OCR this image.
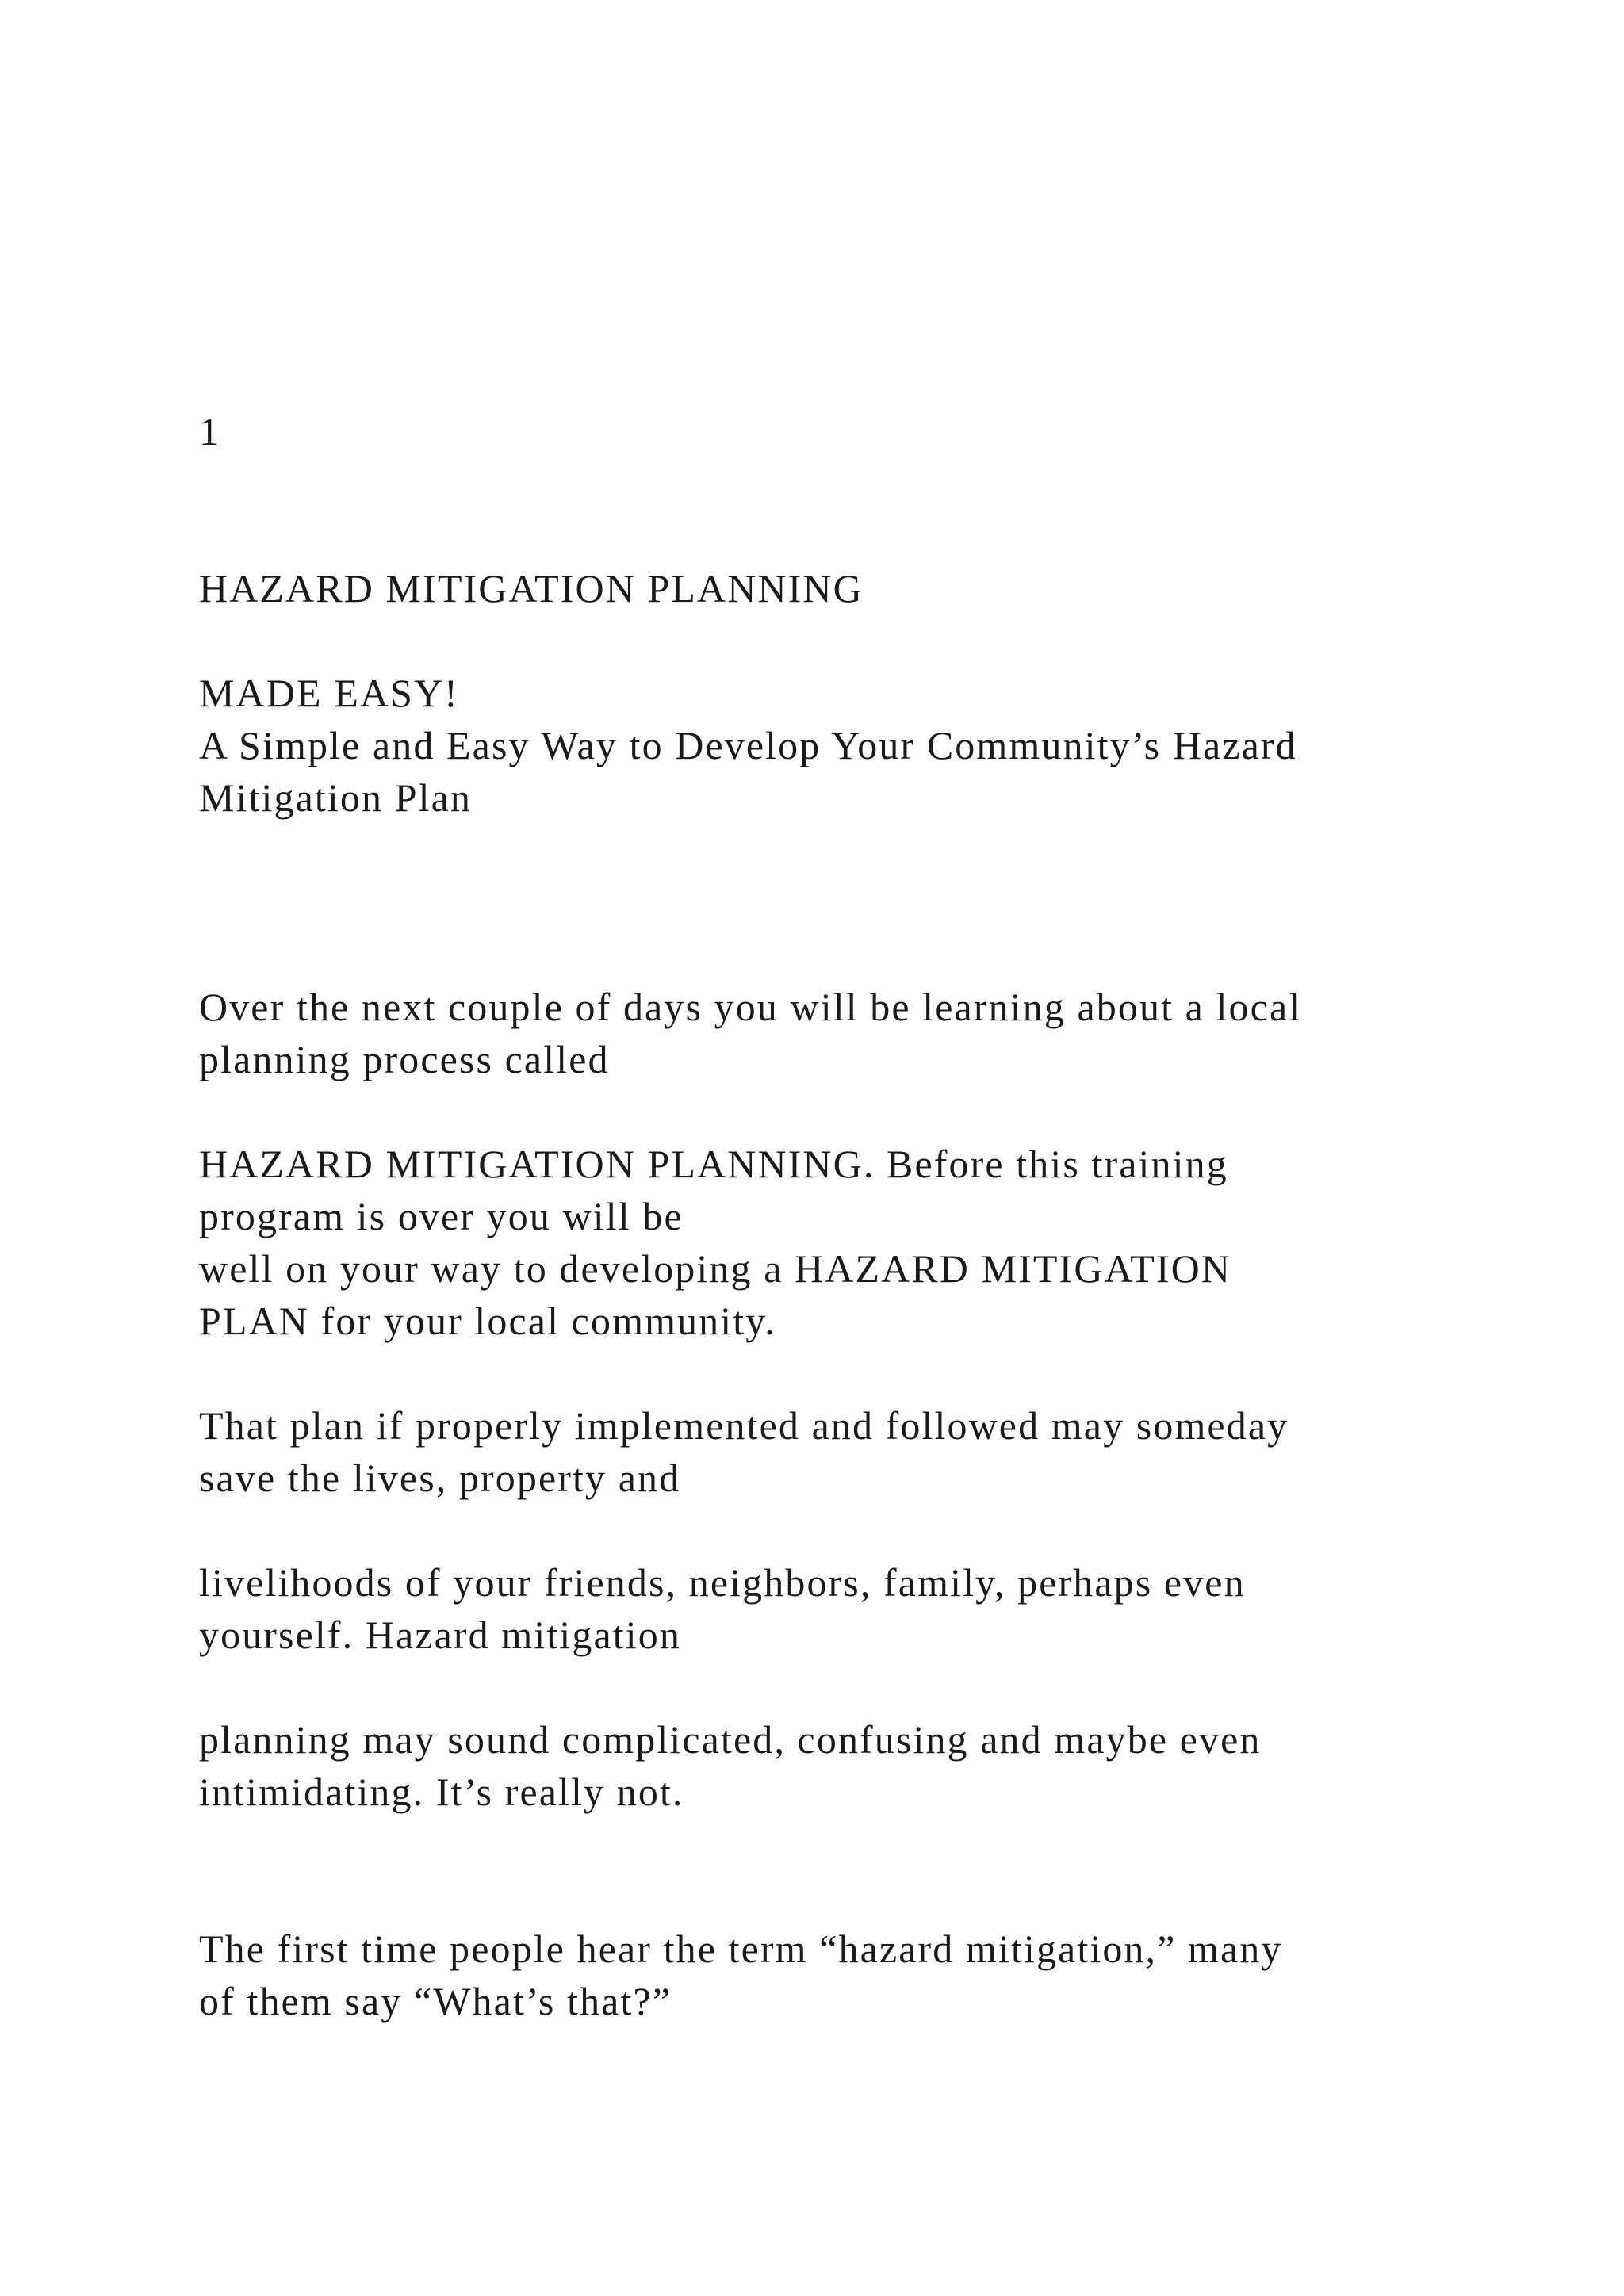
1

HAZARD MITIGATION PLANNING

MADE EASY!

A Simple and Easy Way to Develop Your Community’s Hazard

Mitigation Plan

Over the next couple of days you will be learning about a local

planning process called

HAZARD MITIGATION PLANNING. Before this training

program is over you will be

well on your way to developing a HAZARD MITIGATION

PLAN for your local community.

That plan if properly implemented and followed may someday

save the lives, property and

livelihoods of your friends, neighbors, family, perhaps even

yourself. Hazard mitigation

planning may sound complicated, confusing and maybe even

intimidating. It’s really not.

The first time people hear the term “hazard mitigation,” many

of them say “What’s that?”
